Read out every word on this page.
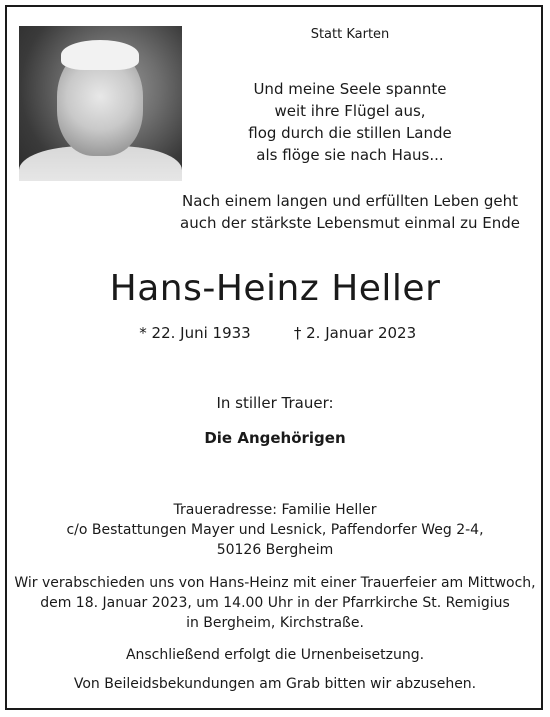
Statt Karten
Und meine Seele spannte
weit ihre Flügel aus,
flog durch die stillen Lande
als flöge sie nach Haus...
Nach einem langen und erfüllten Leben geht
auch der stärkste Lebensmut einmal zu Ende
Hans-Heinz Heller
* 22. Juni 1933	† 2. Januar 2023
In stiller Trauer:
Die Angehörigen
Traueradresse: Familie Heller
c/o Bestattungen Mayer und Lesnick, Paffendorfer Weg 2-4,
50126 Bergheim
Wir verabschieden uns von Hans-Heinz mit einer Trauerfeier am Mittwoch,
dem 18. Januar 2023, um 14.00 Uhr in der Pfarrkirche St. Remigius
in Bergheim, Kirchstraße.
Anschließend erfolgt die Urnenbeisetzung.
Von Beileidsbekundungen am Grab bitten wir abzusehen.
